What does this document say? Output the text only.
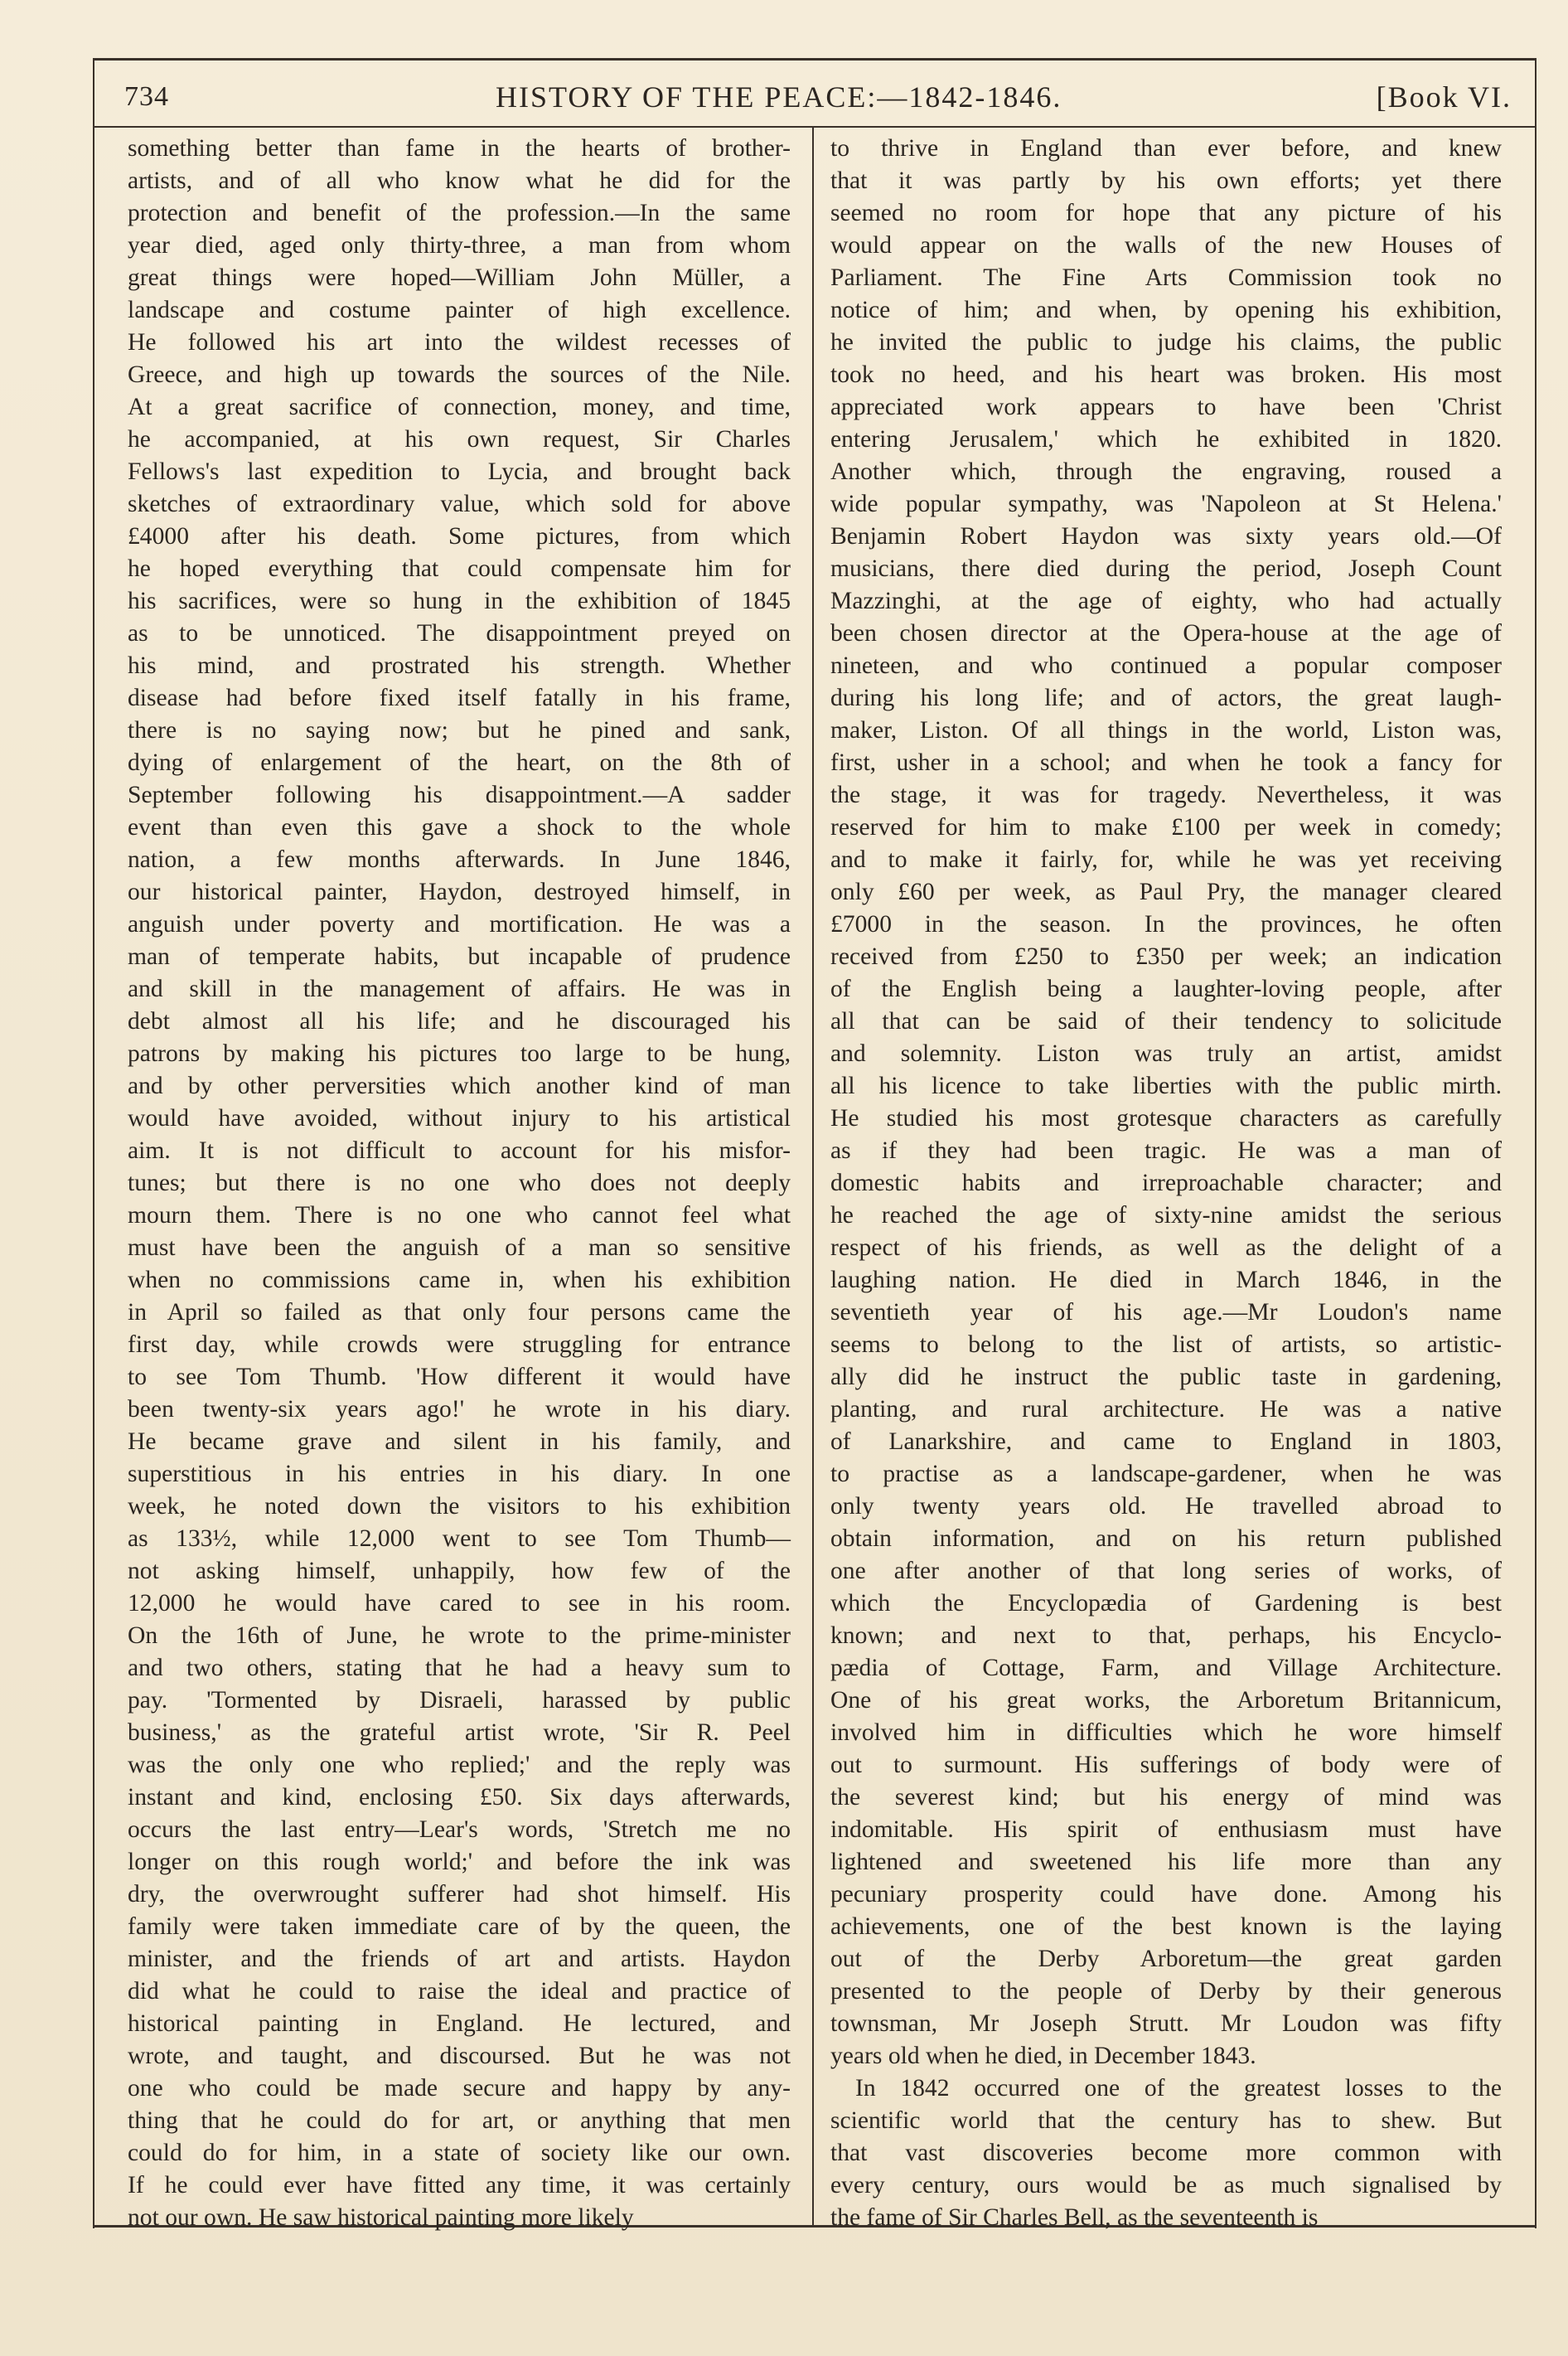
734	HISTORY OF THE PEACE:—1842-1846.	[Book VI.
something better than fame in the hearts of brother-
artists, and of all who know what he did for the
protection and benefit of the profession.—In the same
year died, aged only thirty-three, a man from whom
great things were hoped—William John Müller, a
landscape and costume painter of high excellence.
He followed his art into the wildest recesses of
Greece, and high up towards the sources of the Nile.
At a great sacrifice of connection, money, and time,
he accompanied, at his own request, Sir Charles
Fellows's last expedition to Lycia, and brought back
sketches of extraordinary value, which sold for above
£4000 after his death. Some pictures, from which
he hoped everything that could compensate him for
his sacrifices, were so hung in the exhibition of 1845
as to be unnoticed. The disappointment preyed on
his mind, and prostrated his strength. Whether
disease had before fixed itself fatally in his frame,
there is no saying now; but he pined and sank,
dying of enlargement of the heart, on the 8th of
September following his disappointment.—A sadder
event than even this gave a shock to the whole
nation, a few months afterwards. In June 1846,
our historical painter, Haydon, destroyed himself, in
anguish under poverty and mortification. He was a
man of temperate habits, but incapable of prudence
and skill in the management of affairs. He was in
debt almost all his life; and he discouraged his
patrons by making his pictures too large to be hung,
and by other perversities which another kind of man
would have avoided, without injury to his artistical
aim. It is not difficult to account for his misfor-
tunes; but there is no one who does not deeply
mourn them. There is no one who cannot feel what
must have been the anguish of a man so sensitive
when no commissions came in, when his exhibition
in April so failed as that only four persons came the
first day, while crowds were struggling for entrance
to see Tom Thumb. 'How different it would have
been twenty-six years ago!' he wrote in his diary.
He became grave and silent in his family, and
superstitious in his entries in his diary. In one
week, he noted down the visitors to his exhibition
as 133½, while 12,000 went to see Tom Thumb—
not asking himself, unhappily, how few of the
12,000 he would have cared to see in his room.
On the 16th of June, he wrote to the prime-minister
and two others, stating that he had a heavy sum to
pay. 'Tormented by Disraeli, harassed by public
business,' as the grateful artist wrote, 'Sir R. Peel
was the only one who replied;' and the reply was
instant and kind, enclosing £50. Six days afterwards,
occurs the last entry—Lear's words, 'Stretch me no
longer on this rough world;' and before the ink was
dry, the overwrought sufferer had shot himself. His
family were taken immediate care of by the queen, the
minister, and the friends of art and artists. Haydon
did what he could to raise the ideal and practice of
historical painting in England. He lectured, and
wrote, and taught, and discoursed. But he was not
one who could be made secure and happy by any-
thing that he could do for art, or anything that men
could do for him, in a state of society like our own.
If he could ever have fitted any time, it was certainly
not our own. He saw historical painting more likely
to thrive in England than ever before, and knew
that it was partly by his own efforts; yet there
seemed no room for hope that any picture of his
would appear on the walls of the new Houses of
Parliament. The Fine Arts Commission took no
notice of him; and when, by opening his exhibition,
he invited the public to judge his claims, the public
took no heed, and his heart was broken. His most
appreciated work appears to have been 'Christ
entering Jerusalem,' which he exhibited in 1820.
Another which, through the engraving, roused a
wide popular sympathy, was 'Napoleon at St Helena.'
Benjamin Robert Haydon was sixty years old.—Of
musicians, there died during the period, Joseph Count
Mazzinghi, at the age of eighty, who had actually
been chosen director at the Opera-house at the age of
nineteen, and who continued a popular composer
during his long life; and of actors, the great laugh-
maker, Liston. Of all things in the world, Liston was,
first, usher in a school; and when he took a fancy for
the stage, it was for tragedy. Nevertheless, it was
reserved for him to make £100 per week in comedy;
and to make it fairly, for, while he was yet receiving
only £60 per week, as Paul Pry, the manager cleared
£7000 in the season. In the provinces, he often
received from £250 to £350 per week; an indication
of the English being a laughter-loving people, after
all that can be said of their tendency to solicitude
and solemnity. Liston was truly an artist, amidst
all his licence to take liberties with the public mirth.
He studied his most grotesque characters as carefully
as if they had been tragic. He was a man of
domestic habits and irreproachable character; and
he reached the age of sixty-nine amidst the serious
respect of his friends, as well as the delight of a
laughing nation. He died in March 1846, in the
seventieth year of his age.—Mr Loudon's name
seems to belong to the list of artists, so artistic-
ally did he instruct the public taste in gardening,
planting, and rural architecture. He was a native
of Lanarkshire, and came to England in 1803,
to practise as a landscape-gardener, when he was
only twenty years old. He travelled abroad to
obtain information, and on his return published
one after another of that long series of works, of
which the Encyclopædia of Gardening is best
known; and next to that, perhaps, his Encyclo-
pædia of Cottage, Farm, and Village Architecture.
One of his great works, the Arboretum Britannicum,
involved him in difficulties which he wore himself
out to surmount. His sufferings of body were of
the severest kind; but his energy of mind was
indomitable. His spirit of enthusiasm must have
lightened and sweetened his life more than any
pecuniary prosperity could have done. Among his
achievements, one of the best known is the laying
out of the Derby Arboretum—the great garden
presented to the people of Derby by their generous
townsman, Mr Joseph Strutt. Mr Loudon was fifty
years old when he died, in December 1843.
In 1842 occurred one of the greatest losses to the
scientific world that the century has to shew. But
that vast discoveries become more common with
every century, ours would be as much signalised by
the fame of Sir Charles Bell, as the seventeenth is
